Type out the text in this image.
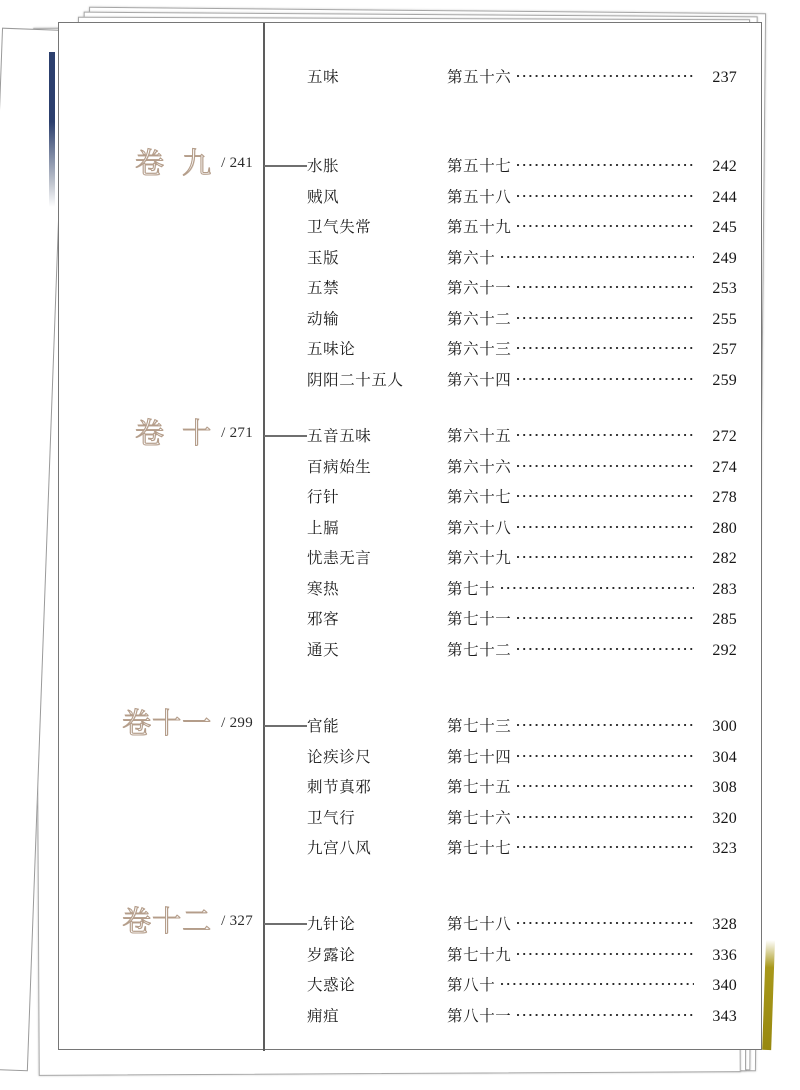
五味	第五十六	237
卷九 / 241	水胀	第五十七	242
贼风	第五十八	244
卫气失常	第五十九	245
玉版	第六十	249
五禁	第六十一	253
动输	第六十二	255
五味论	第六十三	257
阴阳二十五人	第六十四	259
卷十 / 271	五音五味	第六十五	272
百病始生	第六十六	274
行针	第六十七	278
上膈	第六十八	280
忧恚无言	第六十九	282
寒热	第七十	283
邪客	第七十一	285
通天	第七十二	292
卷十一 / 299	官能	第七十三	300
论疾诊尺	第七十四	304
刺节真邪	第七十五	308
卫气行	第七十六	320
九宫八风	第七十七	323
卷十二 / 327	九针论	第七十八	328
岁露论	第七十九	336
大惑论	第八十	340
痈疽	第八十一	343
